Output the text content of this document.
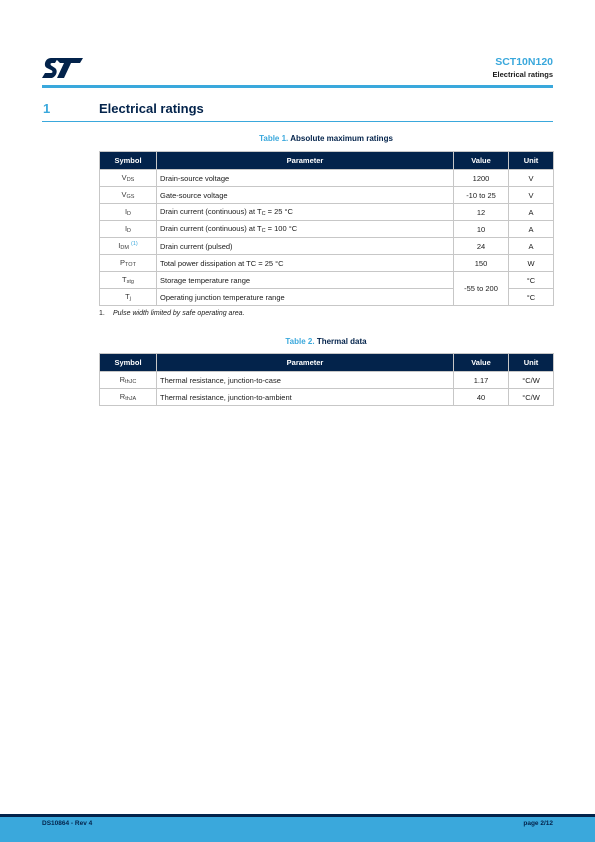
SCT10N120
Electrical ratings
1	Electrical ratings
Table 1. Absolute maximum ratings
Symbol	Parameter	Value	Unit
$V_{DS}$	Drain-source voltage	1200	V
$V_{GS}$	Gate-source voltage	-10 to 25	V
$I_D$	Drain current (continuous) at $T_C = 25$ °C	12	A
$I_D$	Drain current (continuous) at $T_C = 100$ °C	10	A
$I_{DM}$ $^{(1)}$	Drain current (pulsed)	24	A
$P_{TOT}$	Total power dissipation at TC = 25 °C	150	W
$T_{stg}$	Storage temperature range	-55 to 200	°C
$T_j$	Operating junction temperature range		°C
1. Pulse width limited by safe operating area.
Table 2. Thermal data
Symbol	Parameter	Value	Unit
$R_{thJC}$	Thermal resistance, junction-to-case	1.17	°C/W
$R_{thJA}$	Thermal resistance, junction-to-ambient	40	°C/W
DS10864 - Rev 4	page 2/12
